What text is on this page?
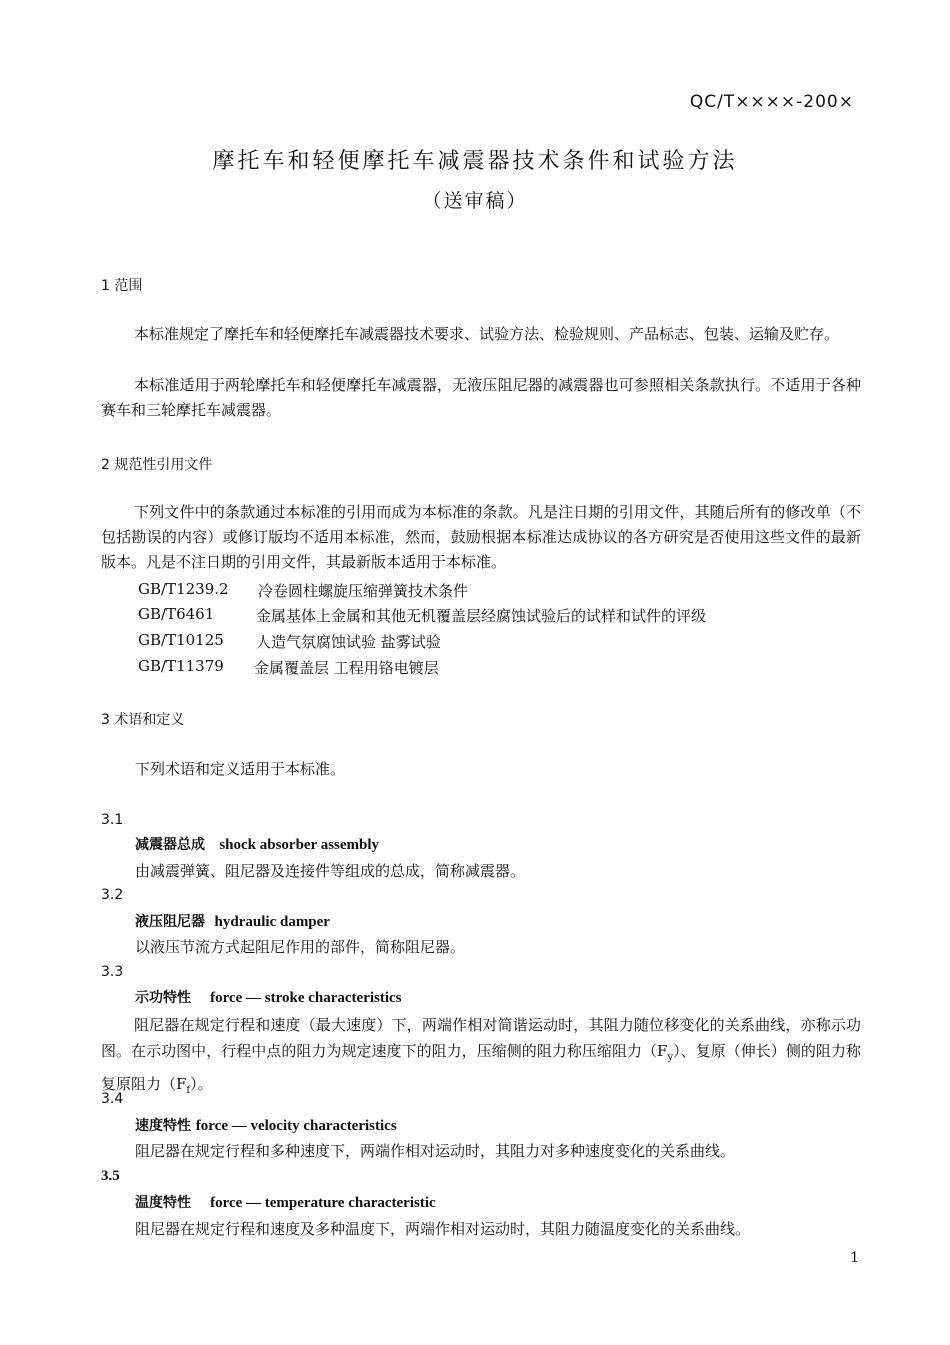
QC/T××××-200×
摩托车和轻便摩托车减震器技术条件和试验方法
（送审稿）
1 范围
本标准规定了摩托车和轻便摩托车减震器技术要求、试验方法、检验规则、产品标志、包装、运输及贮存。
本标准适用于两轮摩托车和轻便摩托车减震器，无液压阻尼器的减震器也可参照相关条款执行。不适用于各种赛车和三轮摩托车减震器。
2 规范性引用文件
下列文件中的条款通过本标准的引用而成为本标准的条款。凡是注日期的引用文件，其随后所有的修改单（不包括勘误的内容）或修订版均不适用本标准，然而，鼓励根据本标准达成协议的各方研究是否使用这些文件的最新版本。凡是不注日期的引用文件，其最新版本适用于本标准。
GB/T1239.2 冷卷圆柱螺旋压缩弹簧技术条件
GB/T6461	金属基体上金属和其他无机覆盖层经腐蚀试验后的试样和试件的评级
GB/T10125 人造气氛腐蚀试验 盐雾试验
GB/T11379 金属覆盖层 工程用铬电镀层
3 术语和定义
下列术语和定义适用于本标准。
3.1
减震器总成 shock absorber assembly
由减震弹簧、阻尼器及连接件等组成的总成，简称减震器。
3.2
液压阻尼器 hydraulic damper
以液压节流方式起阻尼作用的部件，简称阻尼器。
3.3
示功特性 force — stroke characteristics
阻尼器在规定行程和速度（最大速度）下，两端作相对简谐运动时，其阻力随位移变化的关系曲线，亦称示功图。在示功图中，行程中点的阻力为规定速度下的阻力，压缩侧的阻力称压缩阻力$(F_y)$、复原（伸长）侧的阻力称复原阻力$(F_f)$。
3.4
速度特性 force — velocity characteristics
阻尼器在规定行程和多种速度下，两端作相对运动时，其阻力对多种速度变化的关系曲线。
3.5
温度特性 force — temperature characteristic
阻尼器在规定行程和速度及多种温度下，两端作相对运动时，其阻力随温度变化的关系曲线。
1
